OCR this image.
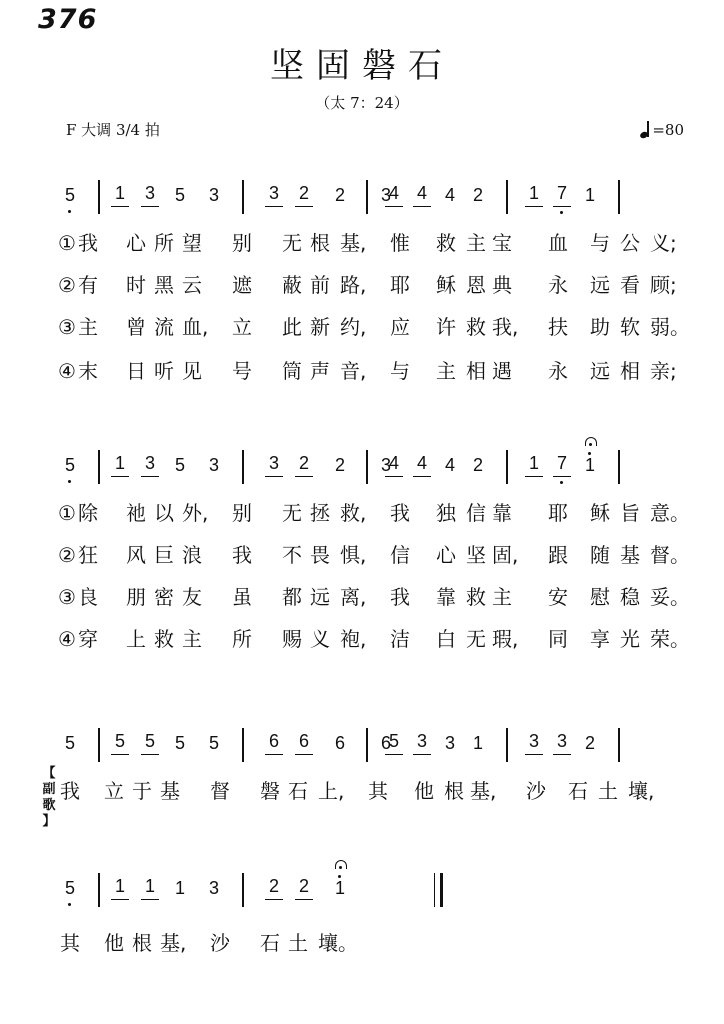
376
坚固磐石
（太 7：24）
F 大调 3/4 拍	=80
【
副
歌
】
5 1 3 5 3	3 2 2 3
4 4 4 2	1 7 1
① 我	心 所 望	别	无 根 基, 惟	救 主 宝	血	与 公 义;
② 有	时 黑 云	遮	蔽 前 路, 耶	稣 恩 典	永	远 看 顾;
③ 主	曾 流 血, 立	此 新 约, 应	许 救 我, 扶	助 软 弱。
④ 末	日 听 见	号	筒 声 音, 与	主 相 遇	永	远 相 亲;
5 1 3 5 3	3 2 2 3
4 4 4 2	1 7 1
① 除	祂 以 外, 别	无 拯 救, 我	独 信 靠	耶	稣 旨 意。
② 狂	风 巨 浪	我	不 畏 惧, 信	心 坚 固, 跟	随 基 督。
③ 良	朋 密 友	虽	都 远 离, 我	靠 救 主	安	慰 稳 妥。
④ 穿	上 救 主	所	赐 义 袍, 洁	白 无 瑕, 同	享 光 荣。
5 5 5 5 5	6 6 6 6
5 3 3 1	3 3 2
我	立 于 基	督	磐 石 上, 其	他 根 基, 沙	石 土 壤,
5 1 1 1 3	2 2 1
其	他 根 基, 沙	石 土 壤。
